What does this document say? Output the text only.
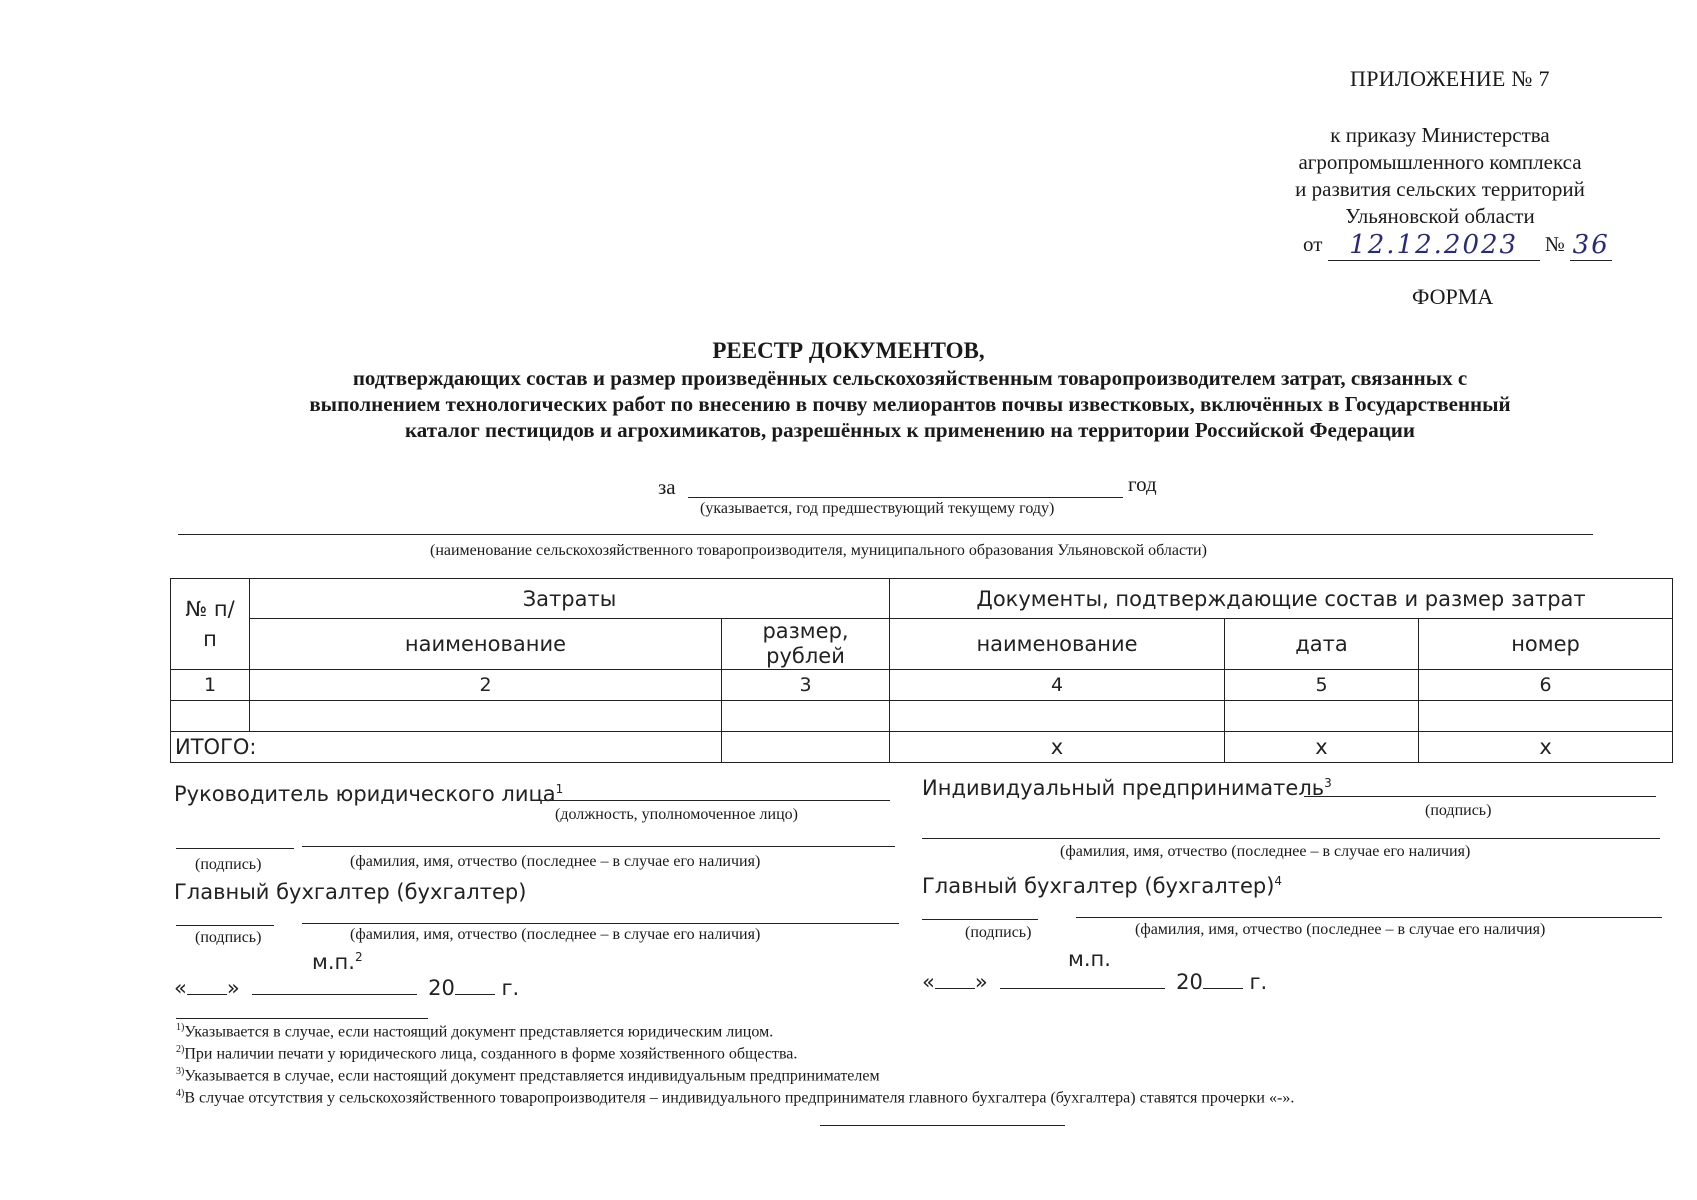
ПРИЛОЖЕНИЕ № 7
к приказу Министерства
агропромышленного комплекса
и развития сельских территорий
Ульяновской области
от 12.12.2023 № 36
ФОРМА
РЕЕСТР ДОКУМЕНТОВ,
подтверждающих состав и размер произведённых сельскохозяйственным товаропроизводителем затрат, связанных с
выполнением технологических работ по внесению в почву мелиорантов почвы известковых, включённых в Государственный
каталог пестицидов и агрохимикатов, разрешённых к применению на территории Российской Федерации
за	год
(указывается, год предшествующий текущему году)
(наименование сельскохозяйственного товаропроизводителя, муниципального образования Ульяновской области)
№ п/п	Затраты		Документы, подтверждающие состав и размер затрат		
	наименование	размер, рублей	наименование	дата	номер
1	2	3	4	5	6

ИТОГО:			x	x	x
Руководитель юридического лица$^1$
(должность, уполномоченное лицо)
(подпись)	(фамилия, имя, отчество (последнее – в случае его наличия)
Главный бухгалтер (бухгалтер)
(подпись)	(фамилия, имя, отчество (последнее – в случае его наличия)
м.п.$^2$
« »	20 г.
Индивидуальный предприниматель$^3$
(подпись)
(фамилия, имя, отчество (последнее – в случае его наличия)
Главный бухгалтер (бухгалтер)$^4$
(подпись)	(фамилия, имя, отчество (последнее – в случае его наличия)
м.п.
« »	20 г.
$^{1)}$Указывается в случае, если настоящий документ представляется юридическим лицом.
$^{2)}$При наличии печати у юридического лица, созданного в форме хозяйственного общества.
$^{3)}$Указывается в случае, если настоящий документ представляется индивидуальным предпринимателем
$^{4)}$В случае отсутствия у сельскохозяйственного товаропроизводителя – индивидуального предпринимателя главного бухгалтера (бухгалтера) ставятся прочерки «-».
